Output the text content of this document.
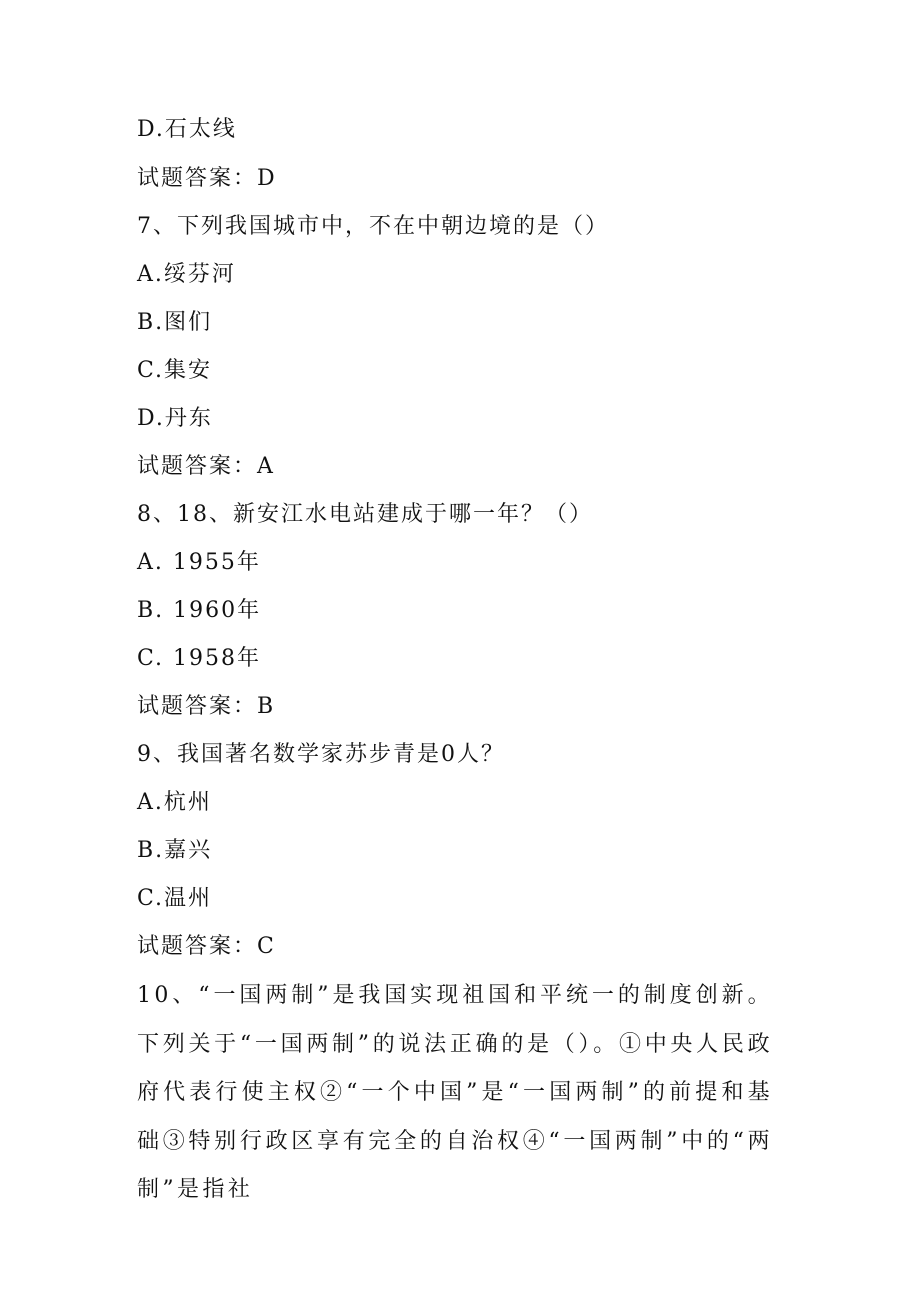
D.石太线
试题答案：D
7、下列我国城市中，不在中朝边境的是（）
A.绥芬河
B.图们
C.集安
D.丹东
试题答案：A
8、18、新安江水电站建成于哪一年？（）
A. 1955年
B. 1960年
C. 1958年
试题答案：B
9、我国著名数学家苏步青是0人？
A.杭州
B.嘉兴
C.温州
试题答案：C
10、“一国两制”是我国实现祖国和平统一的制度创新。下列关于“一国两制”的说法正确的是（）。①中央人民政府代表行使主权②“一个中国”是“一国两制”的前提和基础③特别行政区享有完全的自治权④“一国两制”中的“两制”是指社
